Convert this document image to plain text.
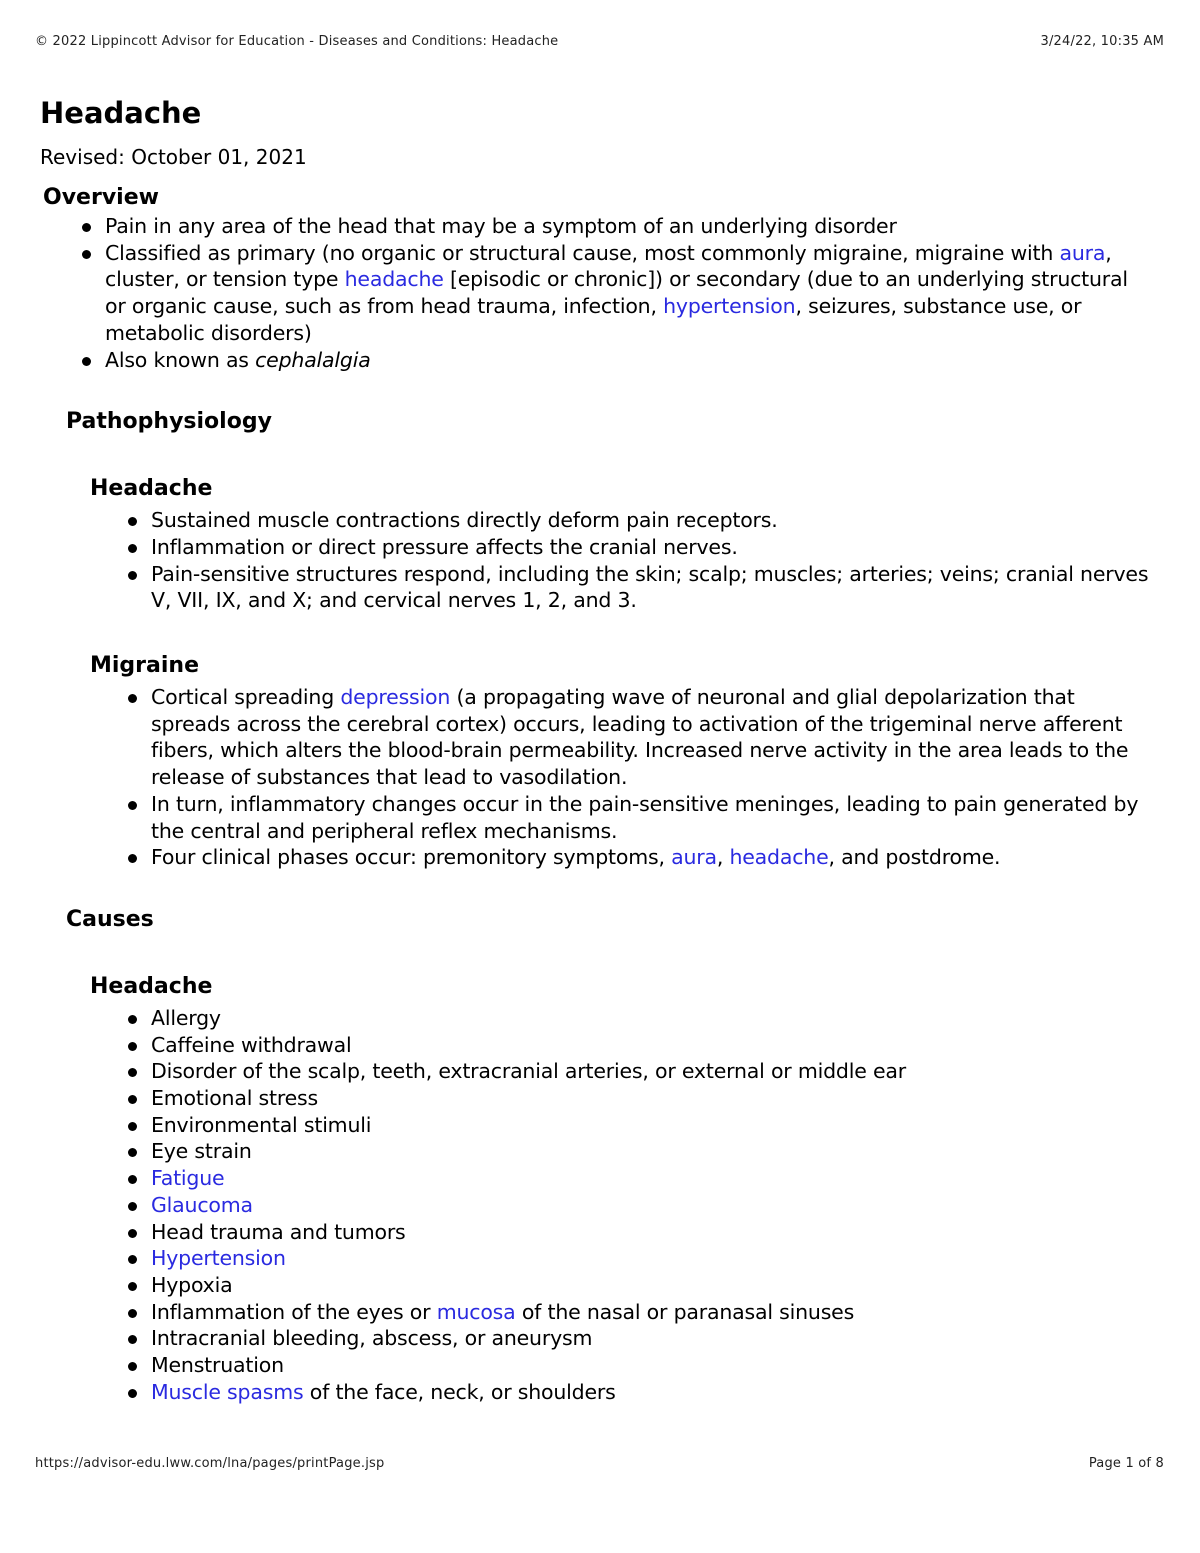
© 2022 Lippincott Advisor for Education - Diseases and Conditions: Headache	3/24/22, 10:35 AM
Headache
Revised: October 01, 2021
Overview
Pain in any area of the head that may be a symptom of an underlying disorder
Classified as primary (no organic or structural cause, most commonly migraine, migraine with aura, cluster, or tension type headache [episodic or chronic]) or secondary (due to an underlying structural or organic cause, such as from head trauma, infection, hypertension, seizures, substance use, or metabolic disorders)
Also known as cephalalgia
Pathophysiology
Headache
Sustained muscle contractions directly deform pain receptors.
Inflammation or direct pressure affects the cranial nerves.
Pain-sensitive structures respond, including the skin; scalp; muscles; arteries; veins; cranial nerves V, VII, IX, and X; and cervical nerves 1, 2, and 3.
Migraine
Cortical spreading depression (a propagating wave of neuronal and glial depolarization that spreads across the cerebral cortex) occurs, leading to activation of the trigeminal nerve afferent fibers, which alters the blood-brain permeability. Increased nerve activity in the area leads to the release of substances that lead to vasodilation.
In turn, inflammatory changes occur in the pain-sensitive meninges, leading to pain generated by the central and peripheral reflex mechanisms.
Four clinical phases occur: premonitory symptoms, aura, headache, and postdrome.
Causes
Headache
Allergy
Caffeine withdrawal
Disorder of the scalp, teeth, extracranial arteries, or external or middle ear
Emotional stress
Environmental stimuli
Eye strain
Fatigue
Glaucoma
Head trauma and tumors
Hypertension
Hypoxia
Inflammation of the eyes or mucosa of the nasal or paranasal sinuses
Intracranial bleeding, abscess, or aneurysm
Menstruation
Muscle spasms of the face, neck, or shoulders
https://advisor-edu.lww.com/lna/pages/printPage.jsp	Page 1 of 8
